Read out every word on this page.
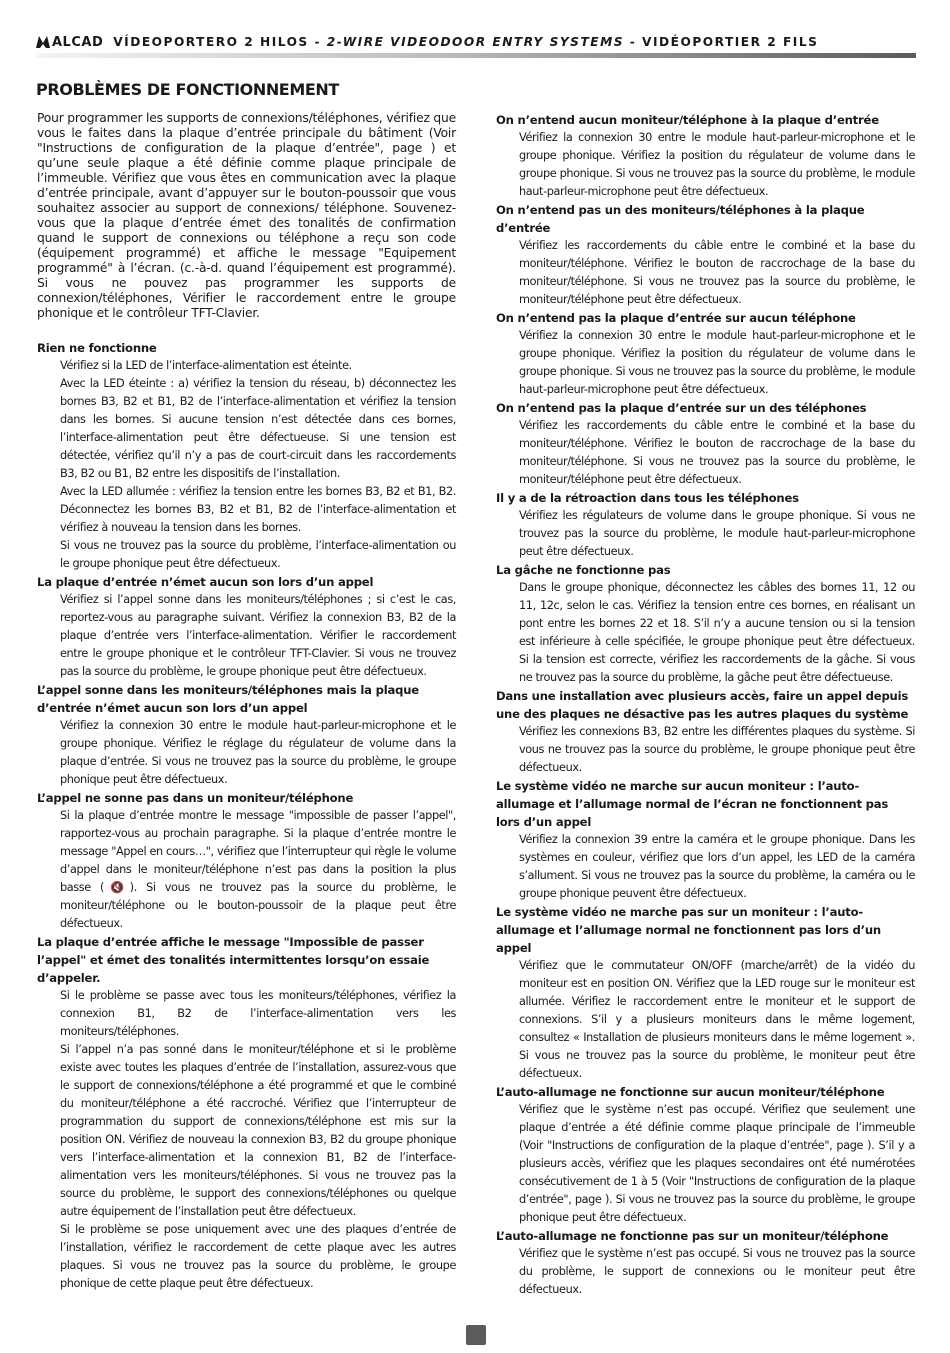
ALCAD VÍDEOPORTERO 2 HILOS - 2-WIRE VIDEODOOR ENTRY SYSTEMS - VIDÉOPORTIER 2 FILS
PROBLÈMES DE FONCTIONNEMENT

Pour programmer les supports de connexions/téléphones, vérifiez que vous le faites dans la plaque d’entrée principale du bâtiment (Voir "Instructions de configuration de la plaque d’entrée", page ) et qu’une seule plaque a été définie comme plaque principale de l’immeuble. Vérifiez que vous êtes en communication avec la plaque d’entrée principale, avant d’appuyer sur le bouton-poussoir que vous souhaitez associer au support de connexions/ téléphone. Souvenez-vous que la plaque d’entrée émet des tonalités de confirmation quand le support de connexions ou téléphone a reçu son code (équipement programmé) et affiche le message "Equipement programmé" à l’écran. (c.-à-d. quand l’équipement est programmé). Si vous ne pouvez pas programmer les supports de connexion/téléphones, Vérifier le raccordement entre le groupe phonique et le contrôleur TFT-Clavier.

Rien ne fonctionne

Vérifiez si la LED de l’interface-alimentation est éteinte.

Avec la LED éteinte : a) vérifiez la tension du réseau, b) déconnectez les bornes B3, B2 et B1, B2 de l’interface-alimentation et vérifiez la tension dans les bornes. Si aucune tension n’est détectée dans ces bornes, l’interface-alimentation peut être défectueuse. Si une tension est détectée, vérifiez qu’il n’y a pas de court-circuit dans les raccordements B3, B2 ou B1, B2 entre les dispositifs de l’installation.

Avec la LED allumée : vérifiez la tension entre les bornes B3, B2 et B1, B2. Déconnectez les bornes B3, B2 et B1, B2 de l’interface-alimentation et vérifiez à nouveau la tension dans les bornes.

Si vous ne trouvez pas la source du problème, l’interface-alimentation ou le groupe phonique peut être défectueux.

La plaque d’entrée n’émet aucun son lors d’un appel

Vérifiez si l’appel sonne dans les moniteurs/téléphones ; si c’est le cas, reportez-vous au paragraphe suivant. Vérifiez la connexion B3, B2 de la plaque d’entrée vers l’interface-alimentation. Vérifier le raccordement entre le groupe phonique et le contrôleur TFT-Clavier. Si vous ne trouvez pas la source du problème, le groupe phonique peut être défectueux.

L’appel sonne dans les moniteurs/téléphones mais la plaque d’entrée n’émet aucun son lors d’un appel

Vérifiez la connexion 30 entre le module haut-parleur-microphone et le groupe phonique. Vérifiez le réglage du régulateur de volume dans la plaque d’entrée. Si vous ne trouvez pas la source du problème, le groupe phonique peut être défectueux.

L’appel ne sonne pas dans un moniteur/téléphone

Si la plaque d’entrée montre le message "impossible de passer l’appel", rapportez-vous au prochain paragraphe. Si la plaque d’entrée montre le message "Appel en cours…", vérifiez que l’interrupteur qui règle le volume d’appel dans le moniteur/téléphone n’est pas dans la position la plus basse (🔇). Si vous ne trouvez pas la source du problème, le moniteur/téléphone ou le bouton-poussoir de la plaque peut être défectueux.

La plaque d’entrée affiche le message "Impossible de passer l’appel" et émet des tonalités intermittentes lorsqu’on essaie d’appeler.

Si le problème se passe avec tous les moniteurs/téléphones, vérifiez la connexion B1, B2 de l’interface-alimentation vers les moniteurs/téléphones.

Si l’appel n’a pas sonné dans le moniteur/téléphone et si le problème existe avec toutes les plaques d’entrée de l’installation, assurez-vous que le support de connexions/téléphone a été programmé et que le combiné du moniteur/téléphone a été raccroché. Vérifiez que l’interrupteur de programmation du support de connexions/téléphone est mis sur la position ON. Vérifiez de nouveau la connexion B3, B2 du groupe phonique vers l’interface-alimentation et la connexion B1, B2 de l’interface-alimentation vers les moniteurs/téléphones. Si vous ne trouvez pas la source du problème, le support des connexions/téléphones ou quelque autre équipement de l’installation peut être défectueux.

Si le problème se pose uniquement avec une des plaques d’entrée de l’installation, vérifiez le raccordement de cette plaque avec les autres plaques. Si vous ne trouvez pas la source du problème, le groupe phonique de cette plaque peut être défectueux.

On n’entend aucun moniteur/téléphone à la plaque d’entrée

Vérifiez la connexion 30 entre le module haut-parleur-microphone et le groupe phonique. Vérifiez la position du régulateur de volume dans le groupe phonique. Si vous ne trouvez pas la source du problème, le module haut-parleur-microphone peut être défectueux.

On n’entend pas un des moniteurs/téléphones à la plaque d’entrée

Vérifiez les raccordements du câble entre le combiné et la base du moniteur/téléphone. Vérifiez le bouton de raccrochage de la base du moniteur/téléphone. Si vous ne trouvez pas la source du problème, le moniteur/téléphone peut être défectueux.

On n’entend pas la plaque d’entrée sur aucun téléphone

Vérifiez la connexion 30 entre le module haut-parleur-microphone et le groupe phonique. Vérifiez la position du régulateur de volume dans le groupe phonique. Si vous ne trouvez pas la source du problème, le module haut-parleur-microphone peut être défectueux.

On n’entend pas la plaque d’entrée sur un des téléphones

Vérifiez les raccordements du câble entre le combiné et la base du moniteur/téléphone. Vérifiez le bouton de raccrochage de la base du moniteur/téléphone. Si vous ne trouvez pas la source du problème, le moniteur/téléphone peut être défectueux.

Il y a de la rétroaction dans tous les téléphones

Vérifiez les régulateurs de volume dans le groupe phonique. Si vous ne trouvez pas la source du problème, le module haut-parleur-microphone peut être défectueux.

La gâche ne fonctionne pas

Dans le groupe phonique, déconnectez les câbles des bornes 11, 12 ou 11, 12c, selon le cas. Vérifiez la tension entre ces bornes, en réalisant un pont entre les bornes 22 et 18. S’il n’y a aucune tension ou si la tension est inférieure à celle spécifiée, le groupe phonique peut être défectueux. Si la tension est correcte, vérifiez les raccordements de la gâche. Si vous ne trouvez pas la source du problème, la gâche peut être défectueuse.

Dans une installation avec plusieurs accès, faire un appel depuis une des plaques ne désactive pas les autres plaques du système

Vérifiez les connexions B3, B2 entre les différentes plaques du système. Si vous ne trouvez pas la source du problème, le groupe phonique peut être défectueux.

Le système vidéo ne marche sur aucun moniteur : l’auto-allumage et l’allumage normal de l’écran ne fonctionnent pas lors d’un appel

Vérifiez la connexion 39 entre la caméra et le groupe phonique. Dans les systèmes en couleur, vérifiez que lors d’un appel, les LED de la caméra s’allument. Si vous ne trouvez pas la source du problème, la caméra ou le groupe phonique peuvent être défectueux.

Le système vidéo ne marche pas sur un moniteur : l’auto-allumage et l’allumage normal ne fonctionnent pas lors d’un appel

Vérifiez que le commutateur ON/OFF (marche/arrêt) de la vidéo du moniteur est en position ON. Vérifiez que la LED rouge sur le moniteur est allumée. Vérifiez le raccordement entre le moniteur et le support de connexions. S’il y a plusieurs moniteurs dans le même logement, consultez « Installation de plusieurs moniteurs dans le même logement ». Si vous ne trouvez pas la source du problème, le moniteur peut être défectueux.

L’auto-allumage ne fonctionne sur aucun moniteur/téléphone

Vérifiez que le système n’est pas occupé. Vérifiez que seulement une plaque d’entrée a été définie comme plaque principale de l’immeuble (Voir "Instructions de configuration de la plaque d’entrée", page ). S’il y a plusieurs accès, vérifiez que les plaques secondaires ont été numérotées consécutivement de 1 à 5 (Voir "Instructions de configuration de la plaque d’entrée", page ). Si vous ne trouvez pas la source du problème, le groupe phonique peut être défectueux.

L’auto-allumage ne fonctionne pas sur un moniteur/téléphone

Vérifiez que le système n’est pas occupé. Si vous ne trouvez pas la source du problème, le support de connexions ou le moniteur peut être défectueux.
